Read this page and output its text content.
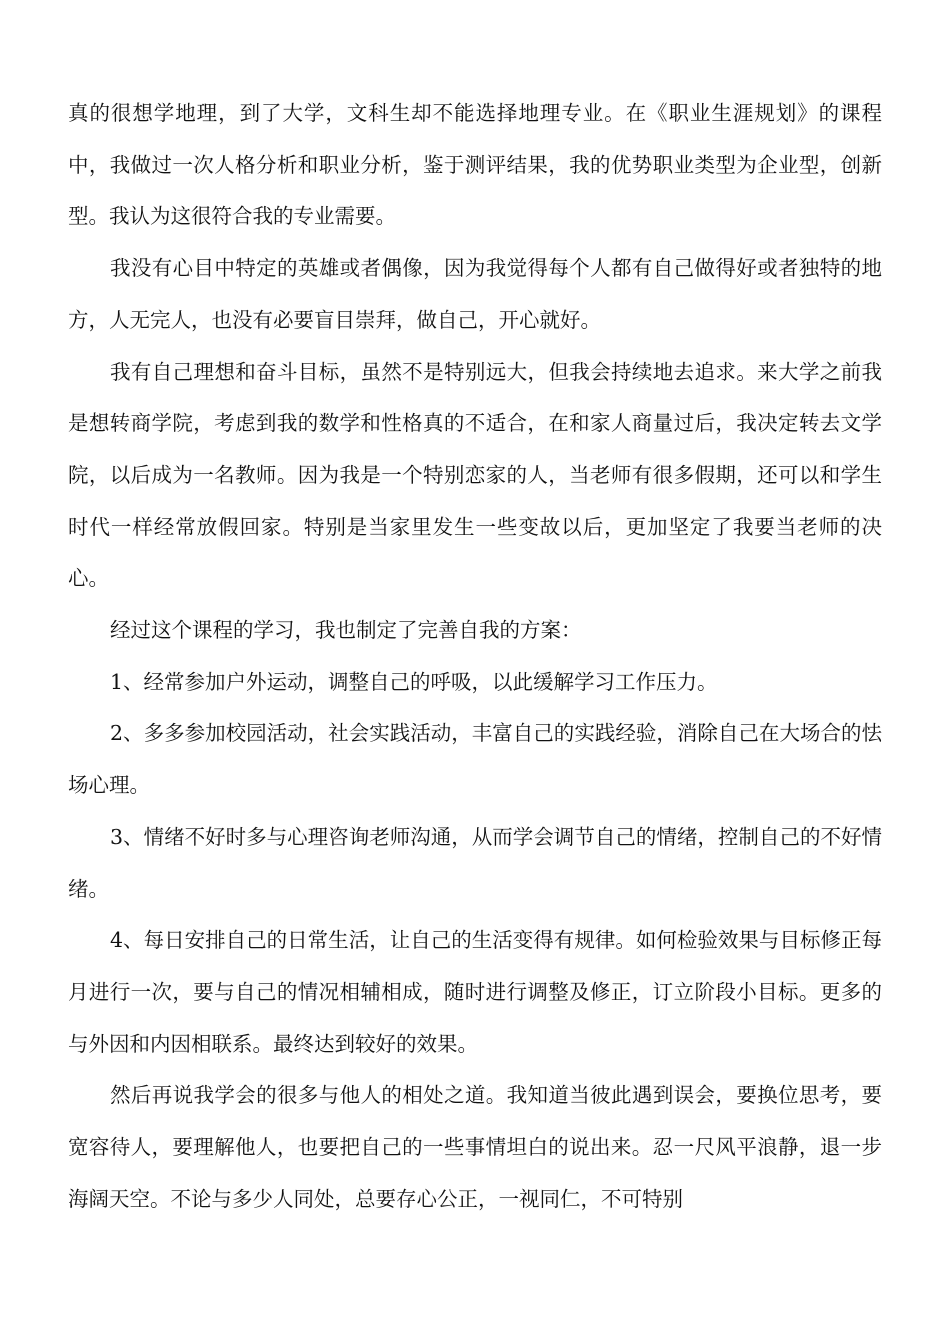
真的很想学地理，到了大学，文科生却不能选择地理专业。在《职业生涯规划》的课程中，我做过一次人格分析和职业分析，鉴于测评结果，我的优势职业类型为企业型，创新型。我认为这很符合我的专业需要。

我没有心目中特定的英雄或者偶像，因为我觉得每个人都有自己做得好或者独特的地方，人无完人，也没有必要盲目崇拜，做自己，开心就好。

我有自己理想和奋斗目标，虽然不是特别远大，但我会持续地去追求。来大学之前我是想转商学院，考虑到我的数学和性格真的不适合，在和家人商量过后，我决定转去文学院，以后成为一名教师。因为我是一个特别恋家的人，当老师有很多假期，还可以和学生时代一样经常放假回家。特别是当家里发生一些变故以后，更加坚定了我要当老师的决心。

经过这个课程的学习，我也制定了完善自我的方案：

1、经常参加户外运动，调整自己的呼吸，以此缓解学习工作压力。

2、多多参加校园活动，社会实践活动，丰富自己的实践经验，消除自己在大场合的怯场心理。

3、情绪不好时多与心理咨询老师沟通，从而学会调节自己的情绪，控制自己的不好情绪。

4、每日安排自己的日常生活，让自己的生活变得有规律。如何检验效果与目标修正每月进行一次，要与自己的情况相辅相成，随时进行调整及修正，订立阶段小目标。更多的与外因和内因相联系。最终达到较好的效果。

然后再说我学会的很多与他人的相处之道。我知道当彼此遇到误会，要换位思考，要宽容待人，要理解他人，也要把自己的一些事情坦白的说出来。忍一尺风平浪静，退一步海阔天空。不论与多少人同处，总要存心公正，一视同仁，不可特别
